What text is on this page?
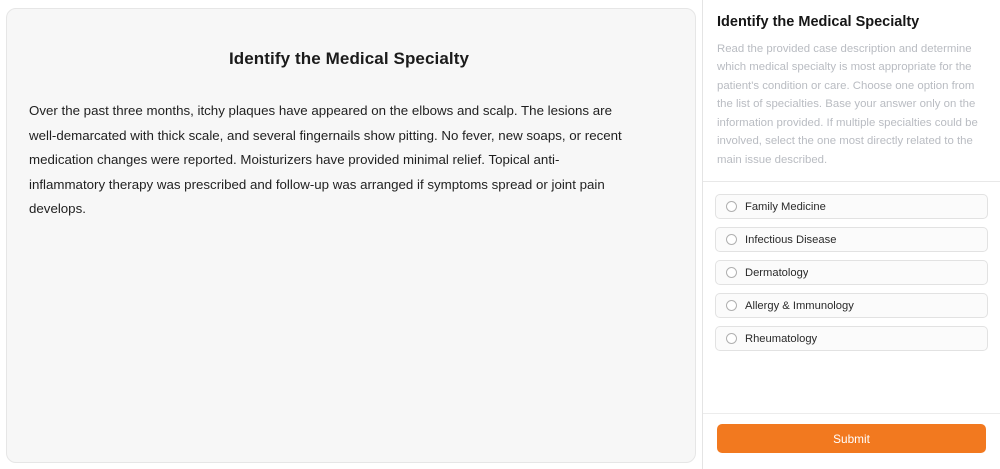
Identify the Medical Specialty
Over the past three months, itchy plaques have appeared on the elbows and scalp. The lesions are well-demarcated with thick scale, and several fingernails show pitting. No fever, new soaps, or recent medication changes were reported. Moisturizers have provided minimal relief. Topical anti-inflammatory therapy was prescribed and follow-up was arranged if symptoms spread or joint pain develops.
Identify the Medical Specialty

Read the provided case description and determine which medical specialty is most appropriate for the patient's condition or care. Choose one option from the list of specialties. Base your answer only on the information provided. If multiple specialties could be involved, select the one most directly related to the main issue described.

Family Medicine
Infectious Disease
Dermatology
Allergy & Immunology
Rheumatology
Submit
